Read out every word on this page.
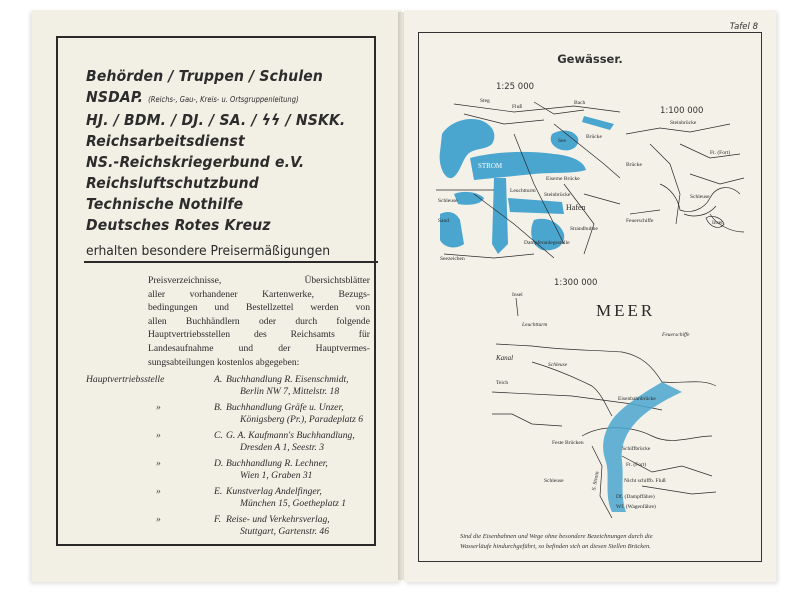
Behörden / Truppen / Schulen
NSDAP. (Reichs-, Gau-, Kreis- u. Ortsgruppenleitung)
HJ. / BDM. / DJ. / SA. / ϟϟ / NSKK.
Reichsarbeitsdienst
NS.-Reichskriegerbund e.V.
Reichsluftschutzbund
Technische Nothilfe
Deutsches Rotes Kreuz
erhalten besondere Preisermäßigungen
Preisverzeichnisse, Übersichtsblätter
aller vorhandener Kartenwerke, Bezugs-
bedingungen und Bestellzettel werden von
allen Buchhändlern oder durch folgende
Hauptvertriebsstellen des Reichsamts für
Landesaufnahme und der Hauptvermes-
sungsabteilungen kostenlos abgegeben:
Hauptvertriebsstelle	A. Buchhandlung R. Eisenschmidt,
Berlin NW 7, Mittelstr. 18
»	B. Buchhandlung Gräfe u. Unzer,
Königsberg (Pr.), Paradeplatz 6
»	C. G. A. Kaufmann's Buchhandlung,
Dresden A 1, Seestr. 3
»	D. Buchhandlung R. Lechner,
Wien 1, Graben 31
»	E. Kunstverlag Andelfinger,
München 15, Goetheplatz 1
»	F. Reise- und Verkehrsverlag,
Stuttgart, Gartenstr. 46
Tafel 8
Gewässer.
1:25 000
1:100 000
1:300 000
Steg
Fluß
Bach
Brücke
See
Schleuse
Hafen
STROM
Eiserne Brücke
Steinbrücke
Strandbuhne
Leuchtturm
Sand
Seezeichen
Dampferanlegestelle
Steinbrücke
Ft. (Fort)
Brücke
Schleuse
Insel
Feuerschiffe
MEER
Insel
Feuerschiffe
Leuchtturm
Kanal
Schleuse
Teich
Eisenbahnbrücke
Feste Brücken
Schiffbrücke
Ft. (Fort)
Nicht schiffb. Fluß
Df. (Dampffähre)
Wf. (Wagenfähre)
Schleuse	S. Strom
Sind die Eisenbahnen und Wege ohne besondere Bezeichnungen durch die
Wasserläufe hindurchgeführt, so befinden sich an diesen Stellen Brücken.
